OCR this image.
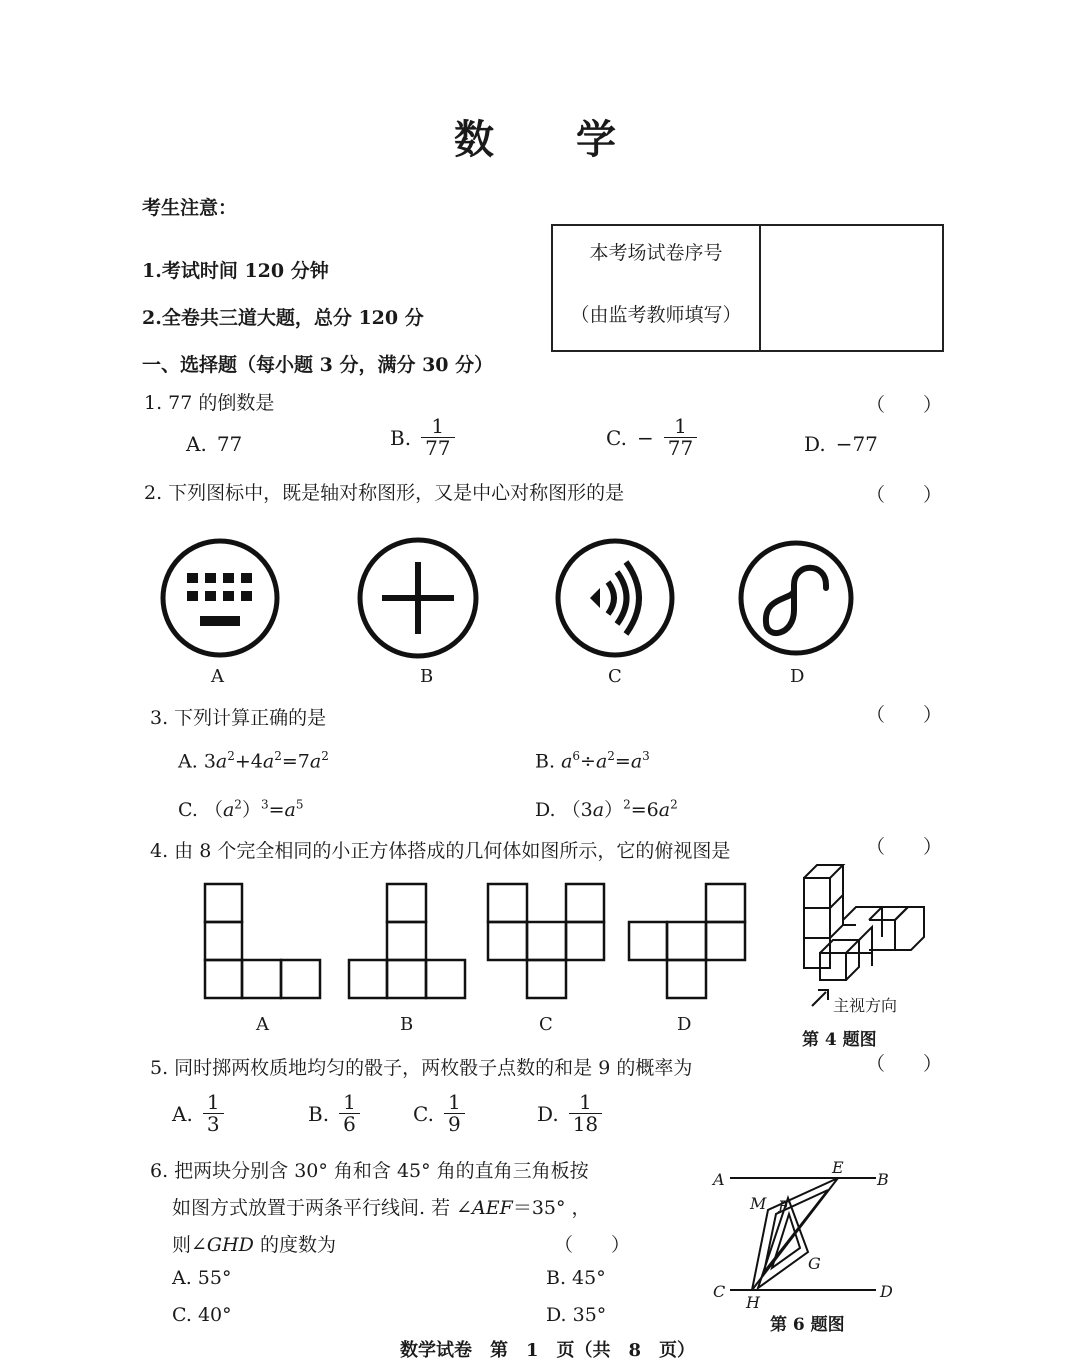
数 学
考生注意：
1.考试时间 120 分钟
2.全卷共三道大题，总分 120 分
本考场试卷序号
（由监考教师填写）
一、选择题（每小题 3 分，满分 30 分）
1. 77 的倒数是	（　　）
A. 77	B. $\frac{1}{77}$	C. − $\frac{1}{77}$	D. −77
2. 下列图标中，既是轴对称图形，又是中心对称图形的是	（　　）
A	B	C	D
3. 下列计算正确的是	（　　）
A. $3a^2+4a^2=7a^2$	B. $a^6\div a^2=a^3$
C. $(a^2)^3=a^5$	D. $(3a)^2=6a^2$
4. 由 8 个完全相同的小正方体搭成的几何体如图所示，它的俯视图是	（　　）
A	B	C	D
主视方向
第 4 题图
5. 同时掷两枚质地均匀的骰子，两枚骰子点数的和是 9 的概率为	（　　）
A. $\frac{1}{3}$	B. $\frac{1}{6}$	C. $\frac{1}{9}$	D. $\frac{1}{18}$
6. 把两块分别含 30° 角和含 45° 角的直角三角板按
如图方式放置于两条平行线间. 若 ∠AEF＝35° ，
则∠GHD 的度数为	（　　）
A. 55°	B. 45°
C. 40°	D. 35°
A
E
B
M F
G
C
H
D
第 6 题图
数学试卷　第　1　页（共　8　页）
